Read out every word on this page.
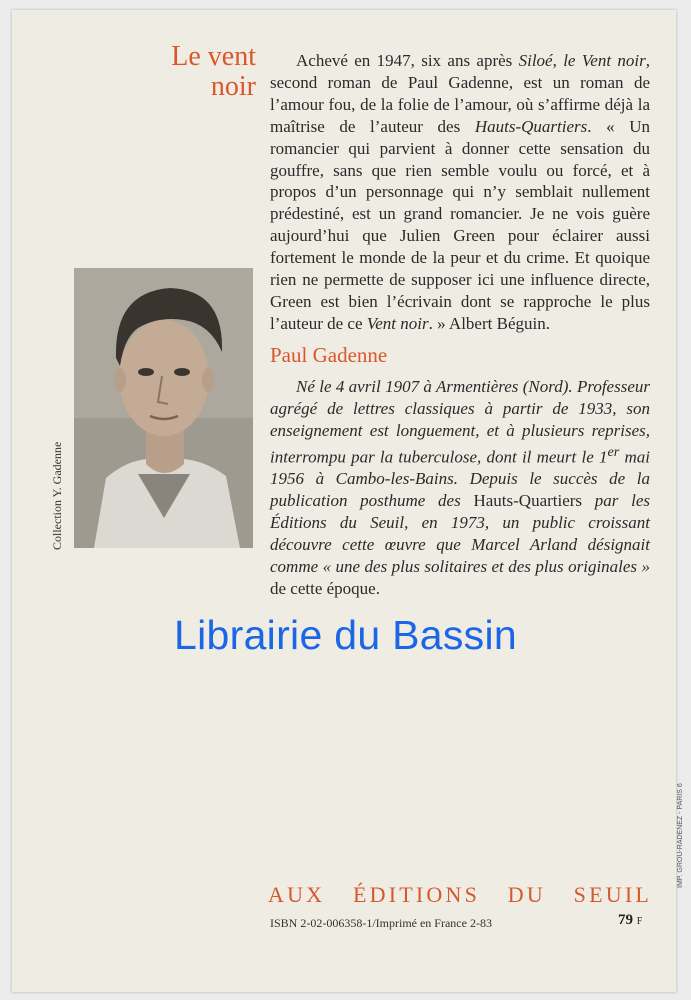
Le vent
noir

Achevé en 1947, six ans après Siloé, le Vent noir, second roman de Paul Gadenne, est un roman de l’amour fou, de la folie de l’amour, où s’affirme déjà la maîtrise de l’auteur des Hauts-Quartiers. « Un romancier qui parvient à donner cette sensation du gouffre, sans que rien semble voulu ou forcé, et à propos d’un personnage qui n’y semblait nullement prédestiné, est un grand romancier. Je ne vois guère aujourd’hui que Julien Green pour éclairer aussi fortement le monde de la peur et du crime. Et quoique rien ne permette de supposer ici une influence directe, Green est bien l’écrivain dont se rapproche le plus l’auteur de ce Vent noir. » Albert Béguin.

Collection Y. Gadenne
Paul Gadenne

Né le 4 avril 1907 à Armentières (Nord). Professeur agrégé de lettres classiques à partir de 1933, son enseignement est longuement, et à plusieurs reprises, interrompu par la tuberculose, dont il meurt le 1er mai 1956 à Cambo-les-Bains. Depuis le succès de la publication posthume des Hauts-Quartiers par les Éditions du Seuil, en 1973, un public croissant découvre cette œuvre que Marcel Arland désignait comme « une des plus solitaires et des plus originales » de cette époque.

AUX ÉDITIONS DU SEUIL
ISBN 2-02-006358-1/Imprimé en France 2-83	79 F
IMP. GROU-RADENEZ - PARIS 6
Librairie du Bassin
